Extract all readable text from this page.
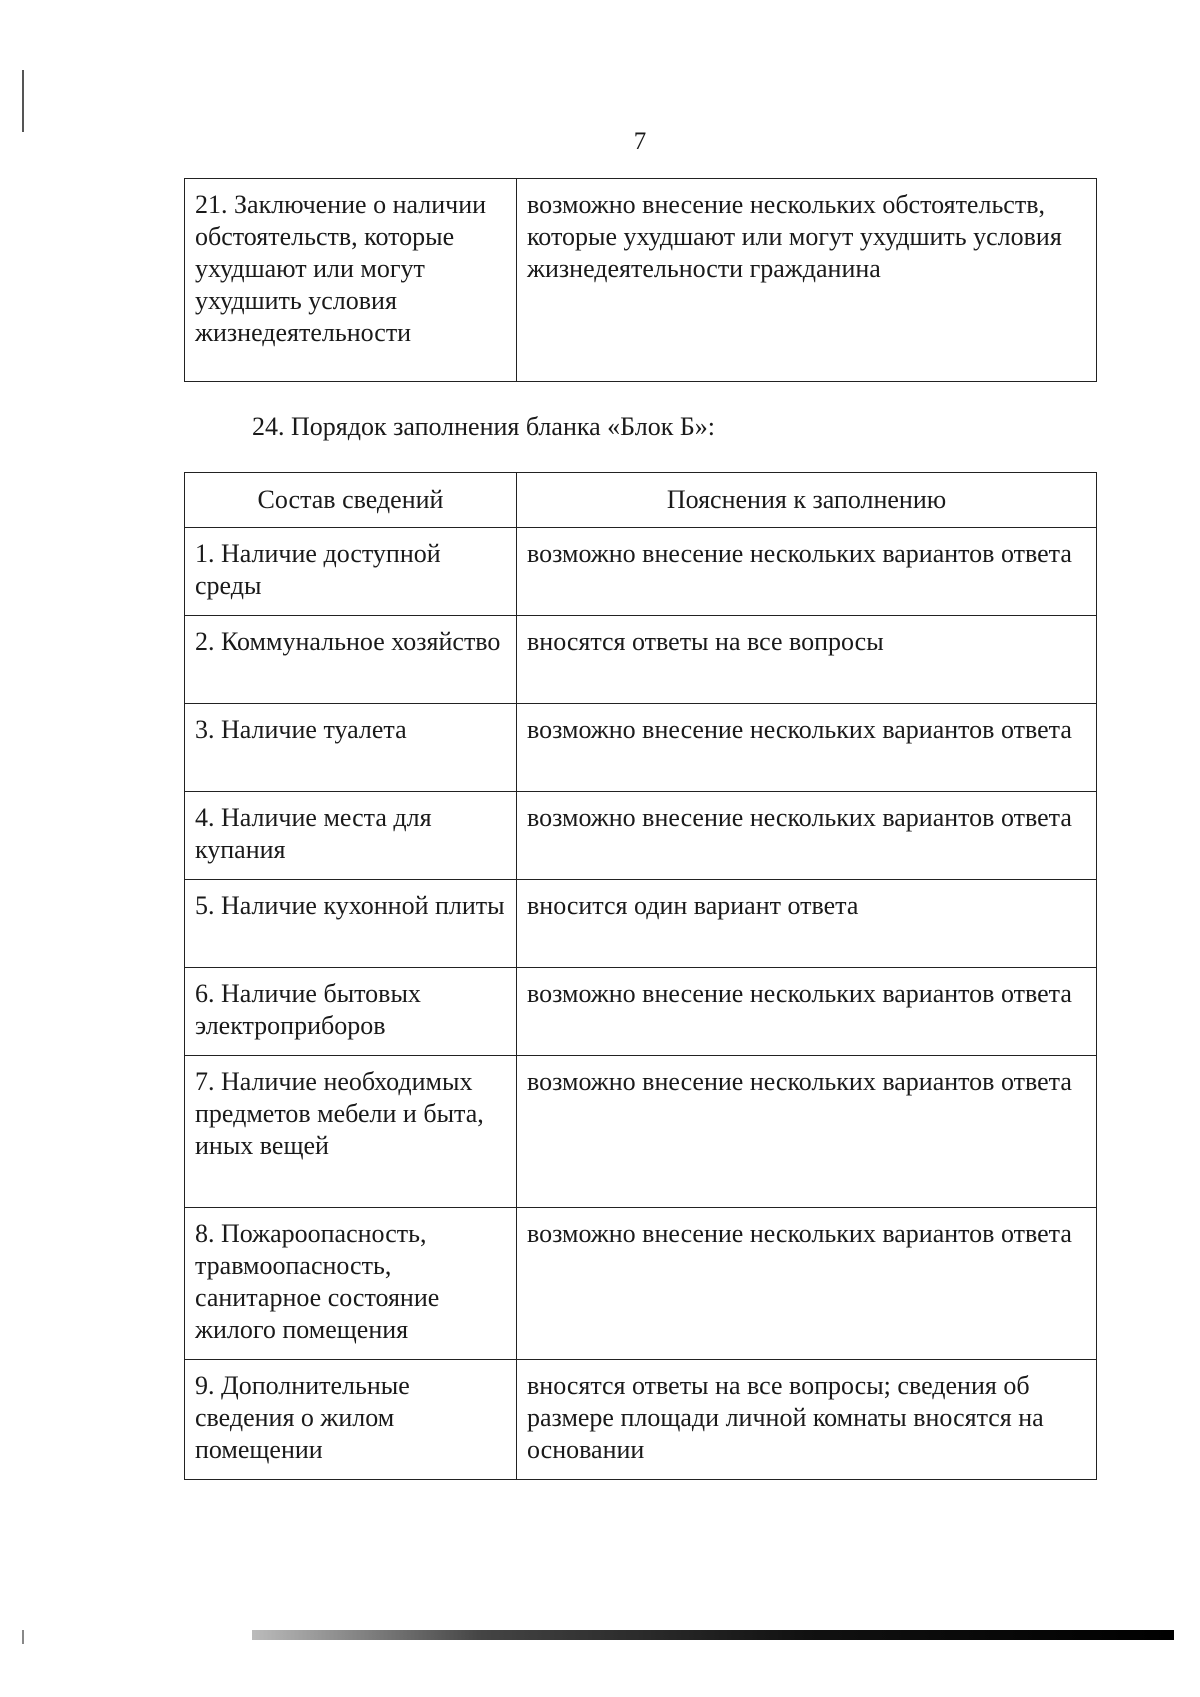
7
21. Заключение о наличии обстоятельств, которые ухудшают или могут ухудшить условия жизнедеятельности	возможно внесение нескольких обстоятельств, которые ухудшают или могут ухудшить условия жизнедеятельности гражданина
24. Порядок заполнения бланка «Блок Б»:
Состав сведений	Пояснения к заполнению
1. Наличие доступной среды	возможно внесение нескольких вариантов ответа
2. Коммунальное хозяйство	вносятся ответы на все вопросы
3. Наличие туалета	возможно внесение нескольких вариантов ответа
4. Наличие места для купания	возможно внесение нескольких вариантов ответа
5. Наличие кухонной плиты	вносится один вариант ответа
6. Наличие бытовых электроприборов	возможно внесение нескольких вариантов ответа
7. Наличие необходимых предметов мебели и быта, иных вещей	возможно внесение нескольких вариантов ответа
8. Пожароопасность, травмоопасность, санитарное состояние жилого помещения	возможно внесение нескольких вариантов ответа
9. Дополнительные сведения о жилом помещении	вносятся ответы на все вопросы; сведения об размере площади личной комнаты вносятся на основании
